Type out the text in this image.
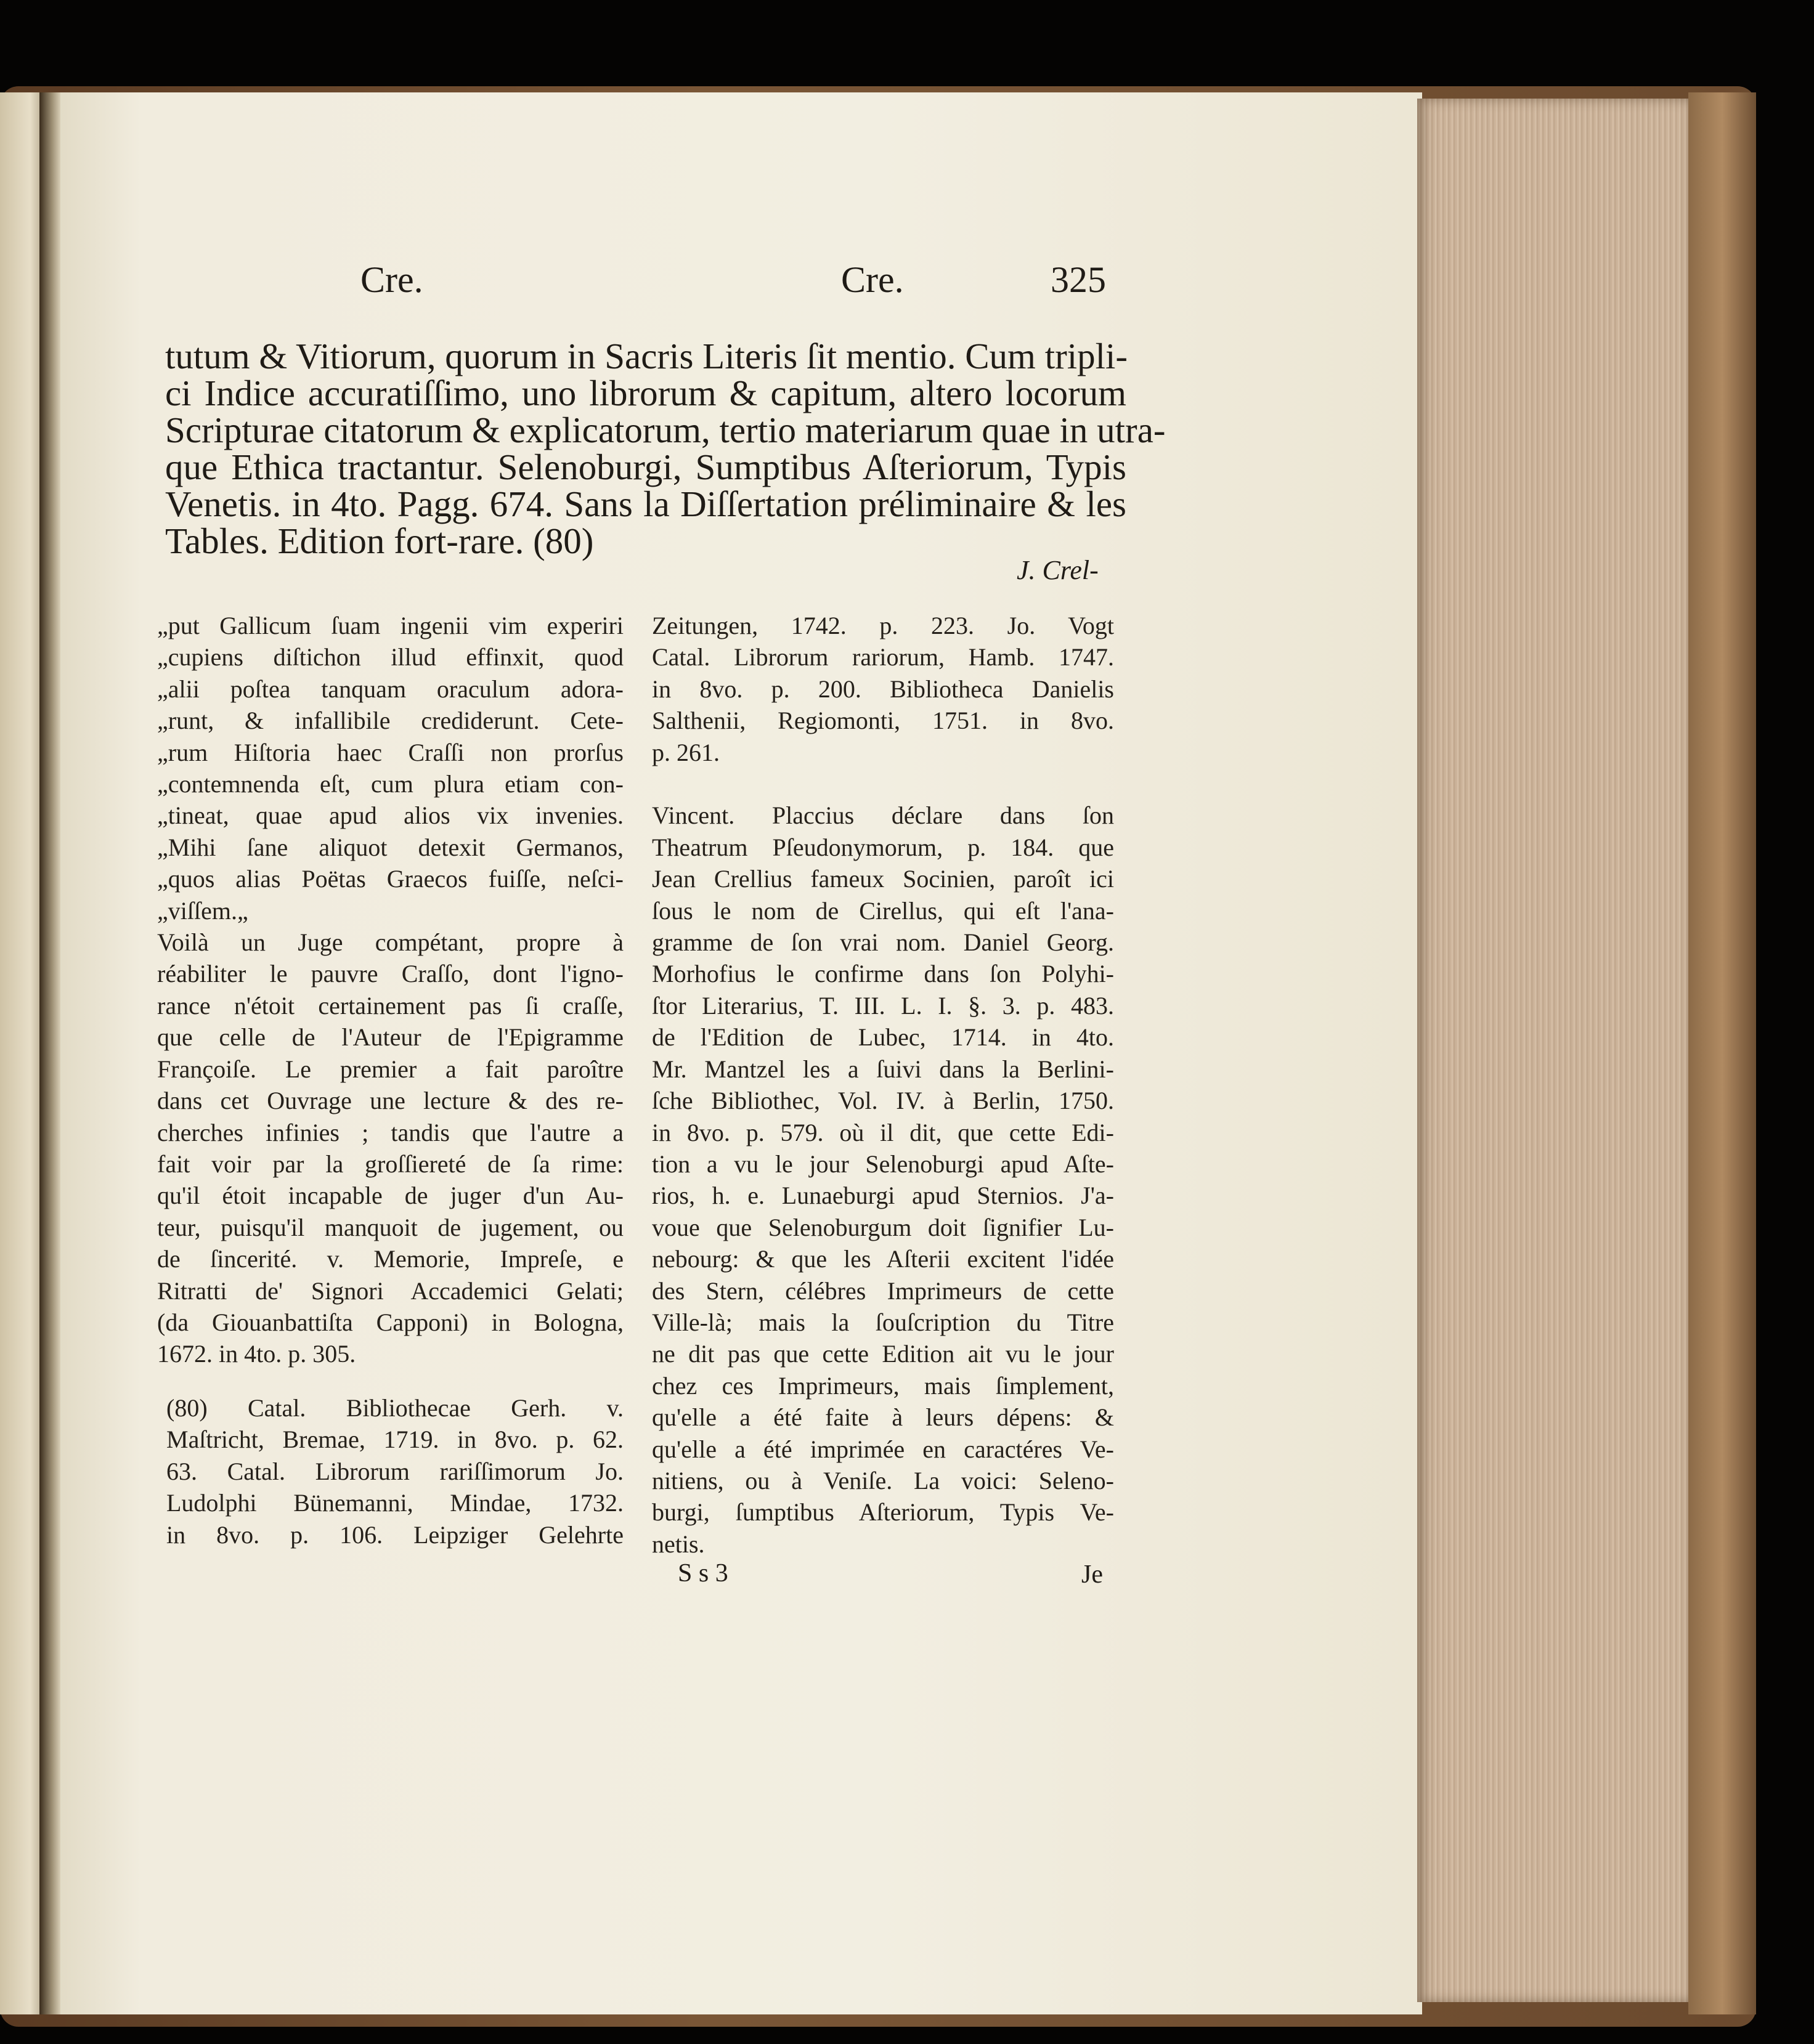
Cre.	Cre.	325
tutum & Vitiorum, quorum in Sacris Literis ſit mentio. Cum tripli-
ci Indice accuratiſſimo, uno librorum & capitum, altero locorum
Scripturae citatorum & explicatorum, tertio materiarum quae in utra-
que Ethica tractantur. Selenoburgi, Sumptibus Aſteriorum, Typis
Venetis. in 4to. Pagg. 674. Sans la Diſſertation préliminaire & les
Tables. Edition fort-rare. (80)
J. Crel-
„put Gallicum ſuam ingenii vim experiri
„cupiens diſtichon illud effinxit, quod
„alii poſtea tanquam oraculum adora-
„runt, & infallibile crediderunt. Cete-
„rum Hiſtoria haec Craſſi non prorſus
„contemnenda eſt, cum plura etiam con-
„tineat, quae apud alios vix invenies.
„Mihi ſane aliquot detexit Germanos,
„quos alias Poëtas Graecos fuiſſe, neſci-
„viſſem.„
Voilà un Juge compétant, propre à
réabiliter le pauvre Craſſo, dont l'igno-
rance n'étoit certainement pas ſi craſſe,
que celle de l'Auteur de l'Epigramme
Françoiſe. Le premier a fait paroître
dans cet Ouvrage une lecture & des re-
cherches infinies ; tandis que l'autre a
fait voir par la groſſiereté de ſa rime:
qu'il étoit incapable de juger d'un Au-
teur, puisqu'il manquoit de jugement, ou
de ſincerité. v. Memorie, Impreſe, e
Ritratti de' Signori Accademici Gelati;
(da Giouanbattiſta Capponi) in Bologna,
1672. in 4to. p. 305.
(80) Catal. Bibliothecae Gerh. v.
Maſtricht, Bremae, 1719. in 8vo. p. 62.
63. Catal. Librorum rariſſimorum Jo.
Ludolphi Bünemanni, Mindae, 1732.
in 8vo. p. 106. Leipziger Gelehrte
Zeitungen, 1742. p. 223. Jo. Vogt
Catal. Librorum rariorum, Hamb. 1747.
in 8vo. p. 200. Bibliotheca Danielis
Salthenii, Regiomonti, 1751. in 8vo.
p. 261.

Vincent. Placcius déclare dans ſon
Theatrum Pſeudonymorum, p. 184. que
Jean Crellius fameux Socinien, paroît ici
ſous le nom de Cirellus, qui eſt l'ana-
gramme de ſon vrai nom. Daniel Georg.
Morhofius le confirme dans ſon Polyhi-
ſtor Literarius, T. III. L. I. §. 3. p. 483.
de l'Edition de Lubec, 1714. in 4to.
Mr. Mantzel les a ſuivi dans la Berlini-
ſche Bibliothec, Vol. IV. à Berlin, 1750.
in 8vo. p. 579. où il dit, que cette Edi-
tion a vu le jour Selenoburgi apud Aſte-
rios, h. e. Lunaeburgi apud Sternios. J'a-
voue que Selenoburgum doit ſignifier Lu-
nebourg: & que les Aſterii excitent l'idée
des Stern, célébres Imprimeurs de cette
Ville-là; mais la ſouſcription du Titre
ne dit pas que cette Edition ait vu le jour
chez ces Imprimeurs, mais ſimplement,
qu'elle a été faite à leurs dépens: &
qu'elle a été imprimée en caractéres Ve-
nitiens, ou à Veniſe. La voici: Seleno-
burgi, ſumptibus Aſteriorum, Typis Ve-
netis.
S s 3	Je
